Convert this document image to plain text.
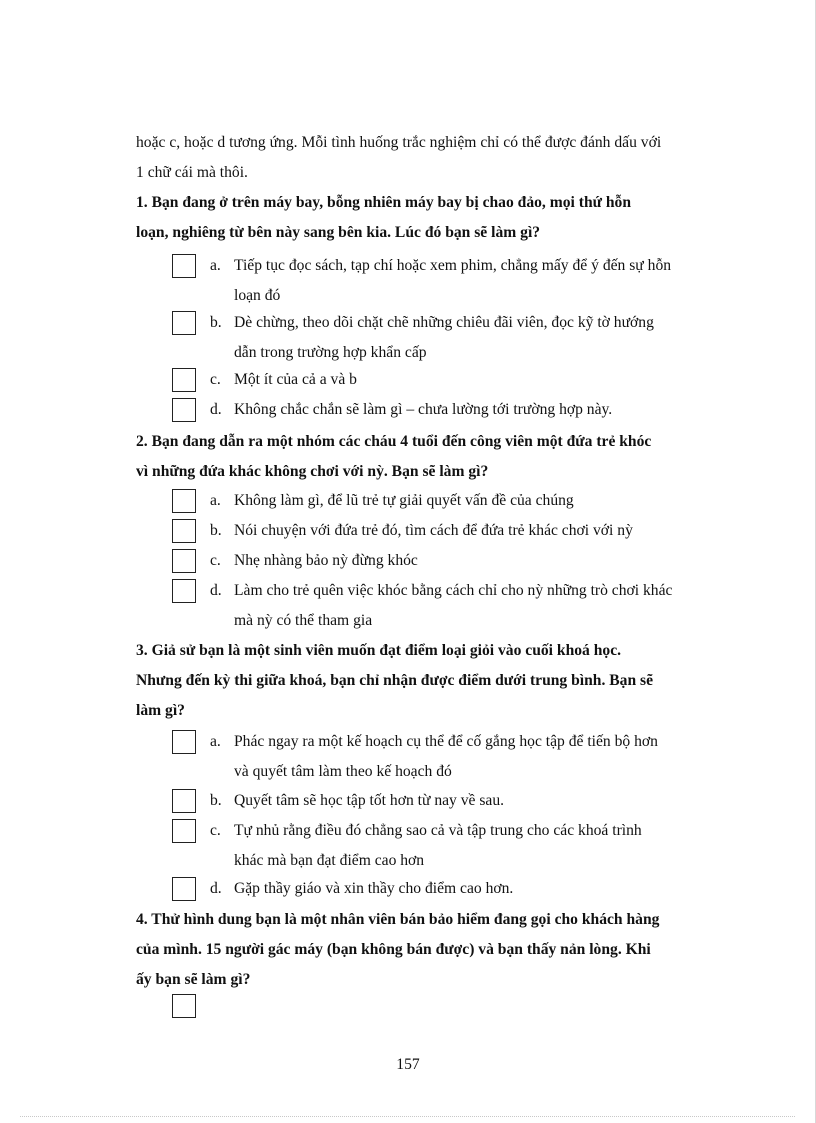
hoặc c, hoặc d tương ứng. Mỗi tình huống trắc nghiệm chỉ có thể được đánh dấu với
1 chữ cái mà thôi.
1. Bạn đang ở trên máy bay, bỗng nhiên máy bay bị chao đảo, mọi thứ hỗn
loạn, nghiêng từ bên này sang bên kia. Lúc đó bạn sẽ làm gì?
a. Tiếp tục đọc sách, tạp chí hoặc xem phim, chẳng mấy để ý đến sự hỗn
loạn đó
b. Dè chừng, theo dõi chặt chẽ những chiêu đãi viên, đọc kỹ tờ hướng
dẫn trong trường hợp khẩn cấp
c. Một ít của cả a và b
d. Không chắc chắn sẽ làm gì – chưa lường tới trường hợp này.
2. Bạn đang dẫn ra một nhóm các cháu 4 tuổi đến công viên một đứa trẻ khóc
vì những đứa khác không chơi với nỳ. Bạn sẽ làm gì?
a. Không làm gì, để lũ trẻ tự giải quyết vấn đề của chúng
b. Nói chuyện với đứa trẻ đó, tìm cách để đứa trẻ khác chơi với nỳ
c. Nhẹ nhàng bảo nỳ đừng khóc
d. Làm cho trẻ quên việc khóc bằng cách chỉ cho nỳ những trò chơi khác
mà nỳ có thể tham gia
3. Giả sử bạn là một sinh viên muốn đạt điểm loại giỏi vào cuối khoá học.
Nhưng đến kỳ thi giữa khoá, bạn chỉ nhận được điểm dưới trung bình. Bạn sẽ
làm gì?
a. Phác ngay ra một kế hoạch cụ thể để cố gắng học tập để tiến bộ hơn
và quyết tâm làm theo kế hoạch đó
b. Quyết tâm sẽ học tập tốt hơn từ nay về sau.
c. Tự nhủ rằng điều đó chẳng sao cả và tập trung cho các khoá trình
khác mà bạn đạt điểm cao hơn
d. Gặp thầy giáo và xin thầy cho điểm cao hơn.
4. Thử hình dung bạn là một nhân viên bán bảo hiểm đang gọi cho khách hàng
của mình. 15 người gác máy (bạn không bán được) và bạn thấy nản lòng. Khi
ấy bạn sẽ làm gì?
157
